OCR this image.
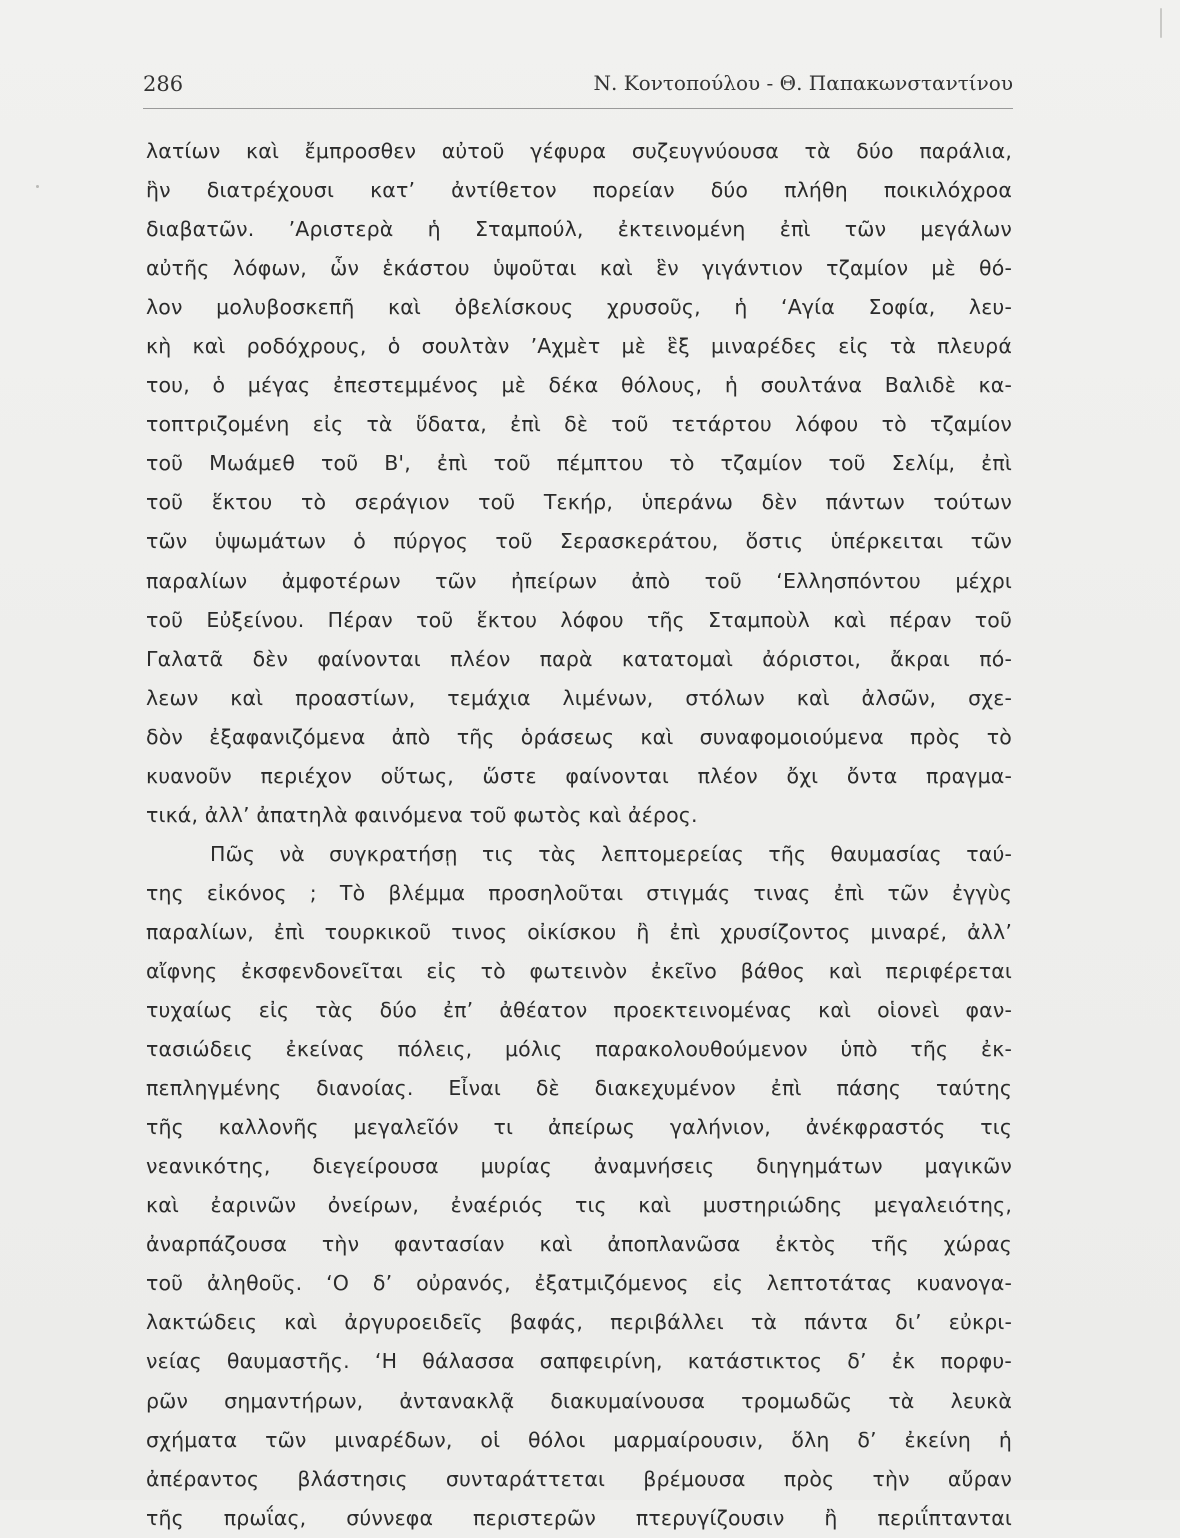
286	Ν. Κοντοπούλου - Θ. Παπακωνσταντίνου
λατίων καὶ ἔμπροσθεν αὐτοῦ γέφυρα συζευγνύουσα τὰ δύο παράλια,
ἣν διατρέχουσι κατ’ ἀντίθετον πορείαν δύο πλήθη ποικιλόχροα
διαβατῶν. ’Αριστερὰ ἡ Σταμπούλ, ἐκτεινομένη ἐπὶ τῶν μεγάλων
αὐτῆς λόφων, ὧν ἑκάστου ὑψοῦται καὶ ἓν γιγάντιον τζαμίον μὲ θό-
λον μολυβοσκεπῆ καὶ ὀβελίσκους χρυσοῦς, ἡ ‘Αγία Σοφία, λευ-
κὴ καὶ ροδόχρους, ὁ σουλτὰν ’Αχμὲτ μὲ ἓξ μιναρέδες εἰς τὰ πλευρά
του, ὁ μέγας ἐπεστεμμένος μὲ δέκα θόλους, ἡ σουλτάνα Βαλιδὲ κα-
τοπτριζομένη εἰς τὰ ὕδατα, ἐπὶ δὲ τοῦ τετάρτου λόφου τὸ τζαμίον
τοῦ Μωάμεθ τοῦ Β', ἐπὶ τοῦ πέμπτου τὸ τζαμίον τοῦ Σελίμ, ἐπὶ
τοῦ ἕκτου τὸ σεράγιον τοῦ Τεκήρ, ὑπεράνω δὲν πάντων τούτων
τῶν ὑψωμάτων ὁ πύργος τοῦ Σερασκεράτου, ὅστις ὑπέρκειται τῶν
παραλίων ἀμφοτέρων τῶν ἠπείρων ἀπὸ τοῦ ‘Ελλησπόντου μέχρι
τοῦ Εὐξείνου. Πέραν τοῦ ἕκτου λόφου τῆς Σταμποὺλ καὶ πέραν τοῦ
Γαλατᾶ δὲν φαίνονται πλέον παρὰ κατατομαὶ ἀόριστοι, ἄκραι πό-
λεων καὶ προαστίων, τεμάχια λιμένων, στόλων καὶ ἀλσῶν, σχε-
δὸν ἐξαφανιζόμενα ἀπὸ τῆς ὁράσεως καὶ συναφομοιούμενα πρὸς τὸ
κυανοῦν περιέχον οὕτως, ὥστε φαίνονται πλέον ὄχι ὄντα πραγμα-
τικά, ἀλλ’ ἀπατηλὰ φαινόμενα τοῦ φωτὸς καὶ ἀέρος.
Πῶς νὰ συγκρατήσῃ τις τὰς λεπτομερείας τῆς θαυμασίας ταύ-
της εἰκόνος ; Τὸ βλέμμα προσηλοῦται στιγμάς τινας ἐπὶ τῶν ἐγγὺς
παραλίων, ἐπὶ τουρκικοῦ τινος οἰκίσκου ἢ ἐπὶ χρυσίζοντος μιναρέ, ἀλλ’
αἴφνης ἐκσφενδονεῖται εἰς τὸ φωτεινὸν ἐκεῖνο βάθος καὶ περιφέρεται
τυχαίως εἰς τὰς δύο ἐπ’ ἀθέατον προεκτεινομένας καὶ οἱονεὶ φαν-
τασιώδεις ἐκείνας πόλεις, μόλις παρακολουθούμενον ὑπὸ τῆς ἐκ-
πεπληγμένης διανοίας. Εἶναι δὲ διακεχυμένον ἐπὶ πάσης ταύτης
τῆς καλλονῆς μεγαλεῖόν τι ἀπείρως γαλήνιον, ἀνέκφραστός τις
νεανικότης, διεγείρουσα μυρίας ἀναμνήσεις διηγημάτων μαγικῶν
καὶ ἐαρινῶν ὀνείρων, ἐναέριός τις καὶ μυστηριώδης μεγαλειότης,
ἀναρπάζουσα τὴν φαντασίαν καὶ ἀποπλανῶσα ἐκτὸς τῆς χώρας
τοῦ ἀληθοῦς. ‘Ο δ’ οὐρανός, ἐξατμιζόμενος εἰς λεπτοτάτας κυανογα-
λακτώδεις καὶ ἀργυροειδεῖς βαφάς, περιβάλλει τὰ πάντα δι’ εὐκρι-
νείας θαυμαστῆς. ‘Η θάλασσα σαπφειρίνη, κατάστικτος δ’ ἐκ πορφυ-
ρῶν σημαντήρων, ἀντανακλᾷ διακυμαίνουσα τρομωδῶς τὰ λευκὰ
σχήματα τῶν μιναρέδων, οἱ θόλοι μαρμαίρουσιν, ὅλη δ’ ἐκείνη ἡ
ἀπέραντος βλάστησις συνταράττεται βρέμουσα πρὸς τὴν αὔραν
τῆς πρωΐας, σύννεφα περιστερῶν πτερυγίζουσιν ἢ περιΐπτανται
